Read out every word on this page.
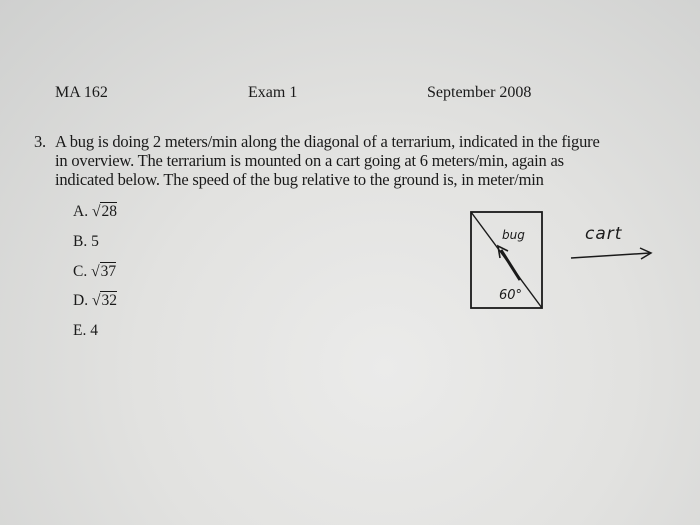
MA 162	Exam 1	September 2008
3. A bug is doing 2 meters/min along the diagonal of a terrarium, indicated in the figure
in overview. The terrarium is mounted on a cart going at 6 meters/min, again as
indicated below. The speed of the bug relative to the ground is, in meter/min
A. √28
B. 5
C. √37
D. √32
E. 4
bug
60°
cart
